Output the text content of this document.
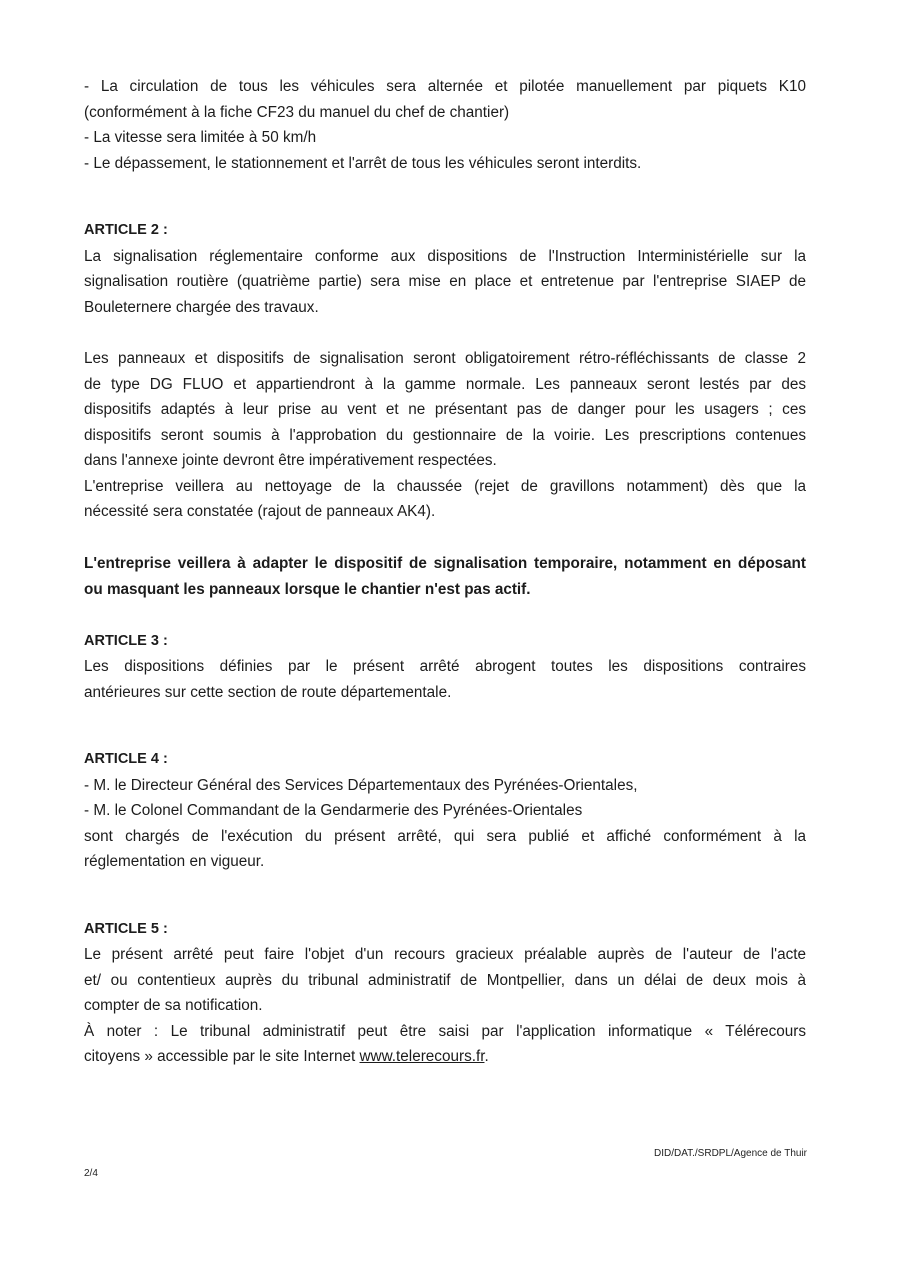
- La circulation de tous les véhicules sera alternée et pilotée manuellement par piquets K10

(conformément à la fiche CF23 du manuel du chef de chantier)

- La vitesse sera limitée à 50 km/h

- Le dépassement, le stationnement et l'arrêt de tous les véhicules seront interdits.

ARTICLE 2 :

La signalisation réglementaire conforme aux dispositions de l'Instruction Interministérielle sur la

signalisation routière (quatrième partie) sera mise en place et entretenue par l'entreprise SIAEP de

Bouleternere chargée des travaux.

Les panneaux et dispositifs de signalisation seront obligatoirement rétro-réfléchissants de classe 2

de type DG FLUO et appartiendront à la gamme normale. Les panneaux seront lestés par des

dispositifs adaptés à leur prise au vent et ne présentant pas de danger pour les usagers ; ces

dispositifs seront soumis à l'approbation du gestionnaire de la voirie. Les prescriptions contenues

dans l'annexe jointe devront être impérativement respectées.

L'entreprise veillera au nettoyage de la chaussée (rejet de gravillons notamment) dès que la

nécessité sera constatée (rajout de panneaux AK4).

L'entreprise veillera à adapter le dispositif de signalisation temporaire, notamment en déposant

ou masquant les panneaux lorsque le chantier n'est pas actif.

ARTICLE 3 :

Les dispositions définies par le présent arrêté abrogent toutes les dispositions contraires

antérieures sur cette section de route départementale.

ARTICLE 4 :

- M. le Directeur Général des Services Départementaux des Pyrénées-Orientales,

- M. le Colonel Commandant de la Gendarmerie des Pyrénées-Orientales

sont chargés de l'exécution du présent arrêté, qui sera publié et affiché conformément à la

réglementation en vigueur.

ARTICLE 5 :

Le présent arrêté peut faire l'objet d'un recours gracieux préalable auprès de l'auteur de l'acte

et/ ou contentieux auprès du tribunal administratif de Montpellier, dans un délai de deux mois à

compter de sa notification.

À noter : Le tribunal administratif peut être saisi par l'application informatique « Télérecours

citoyens » accessible par le site Internet www.telerecours.fr.

DID/DAT./SRDPL/Agence de Thuir
2/4
